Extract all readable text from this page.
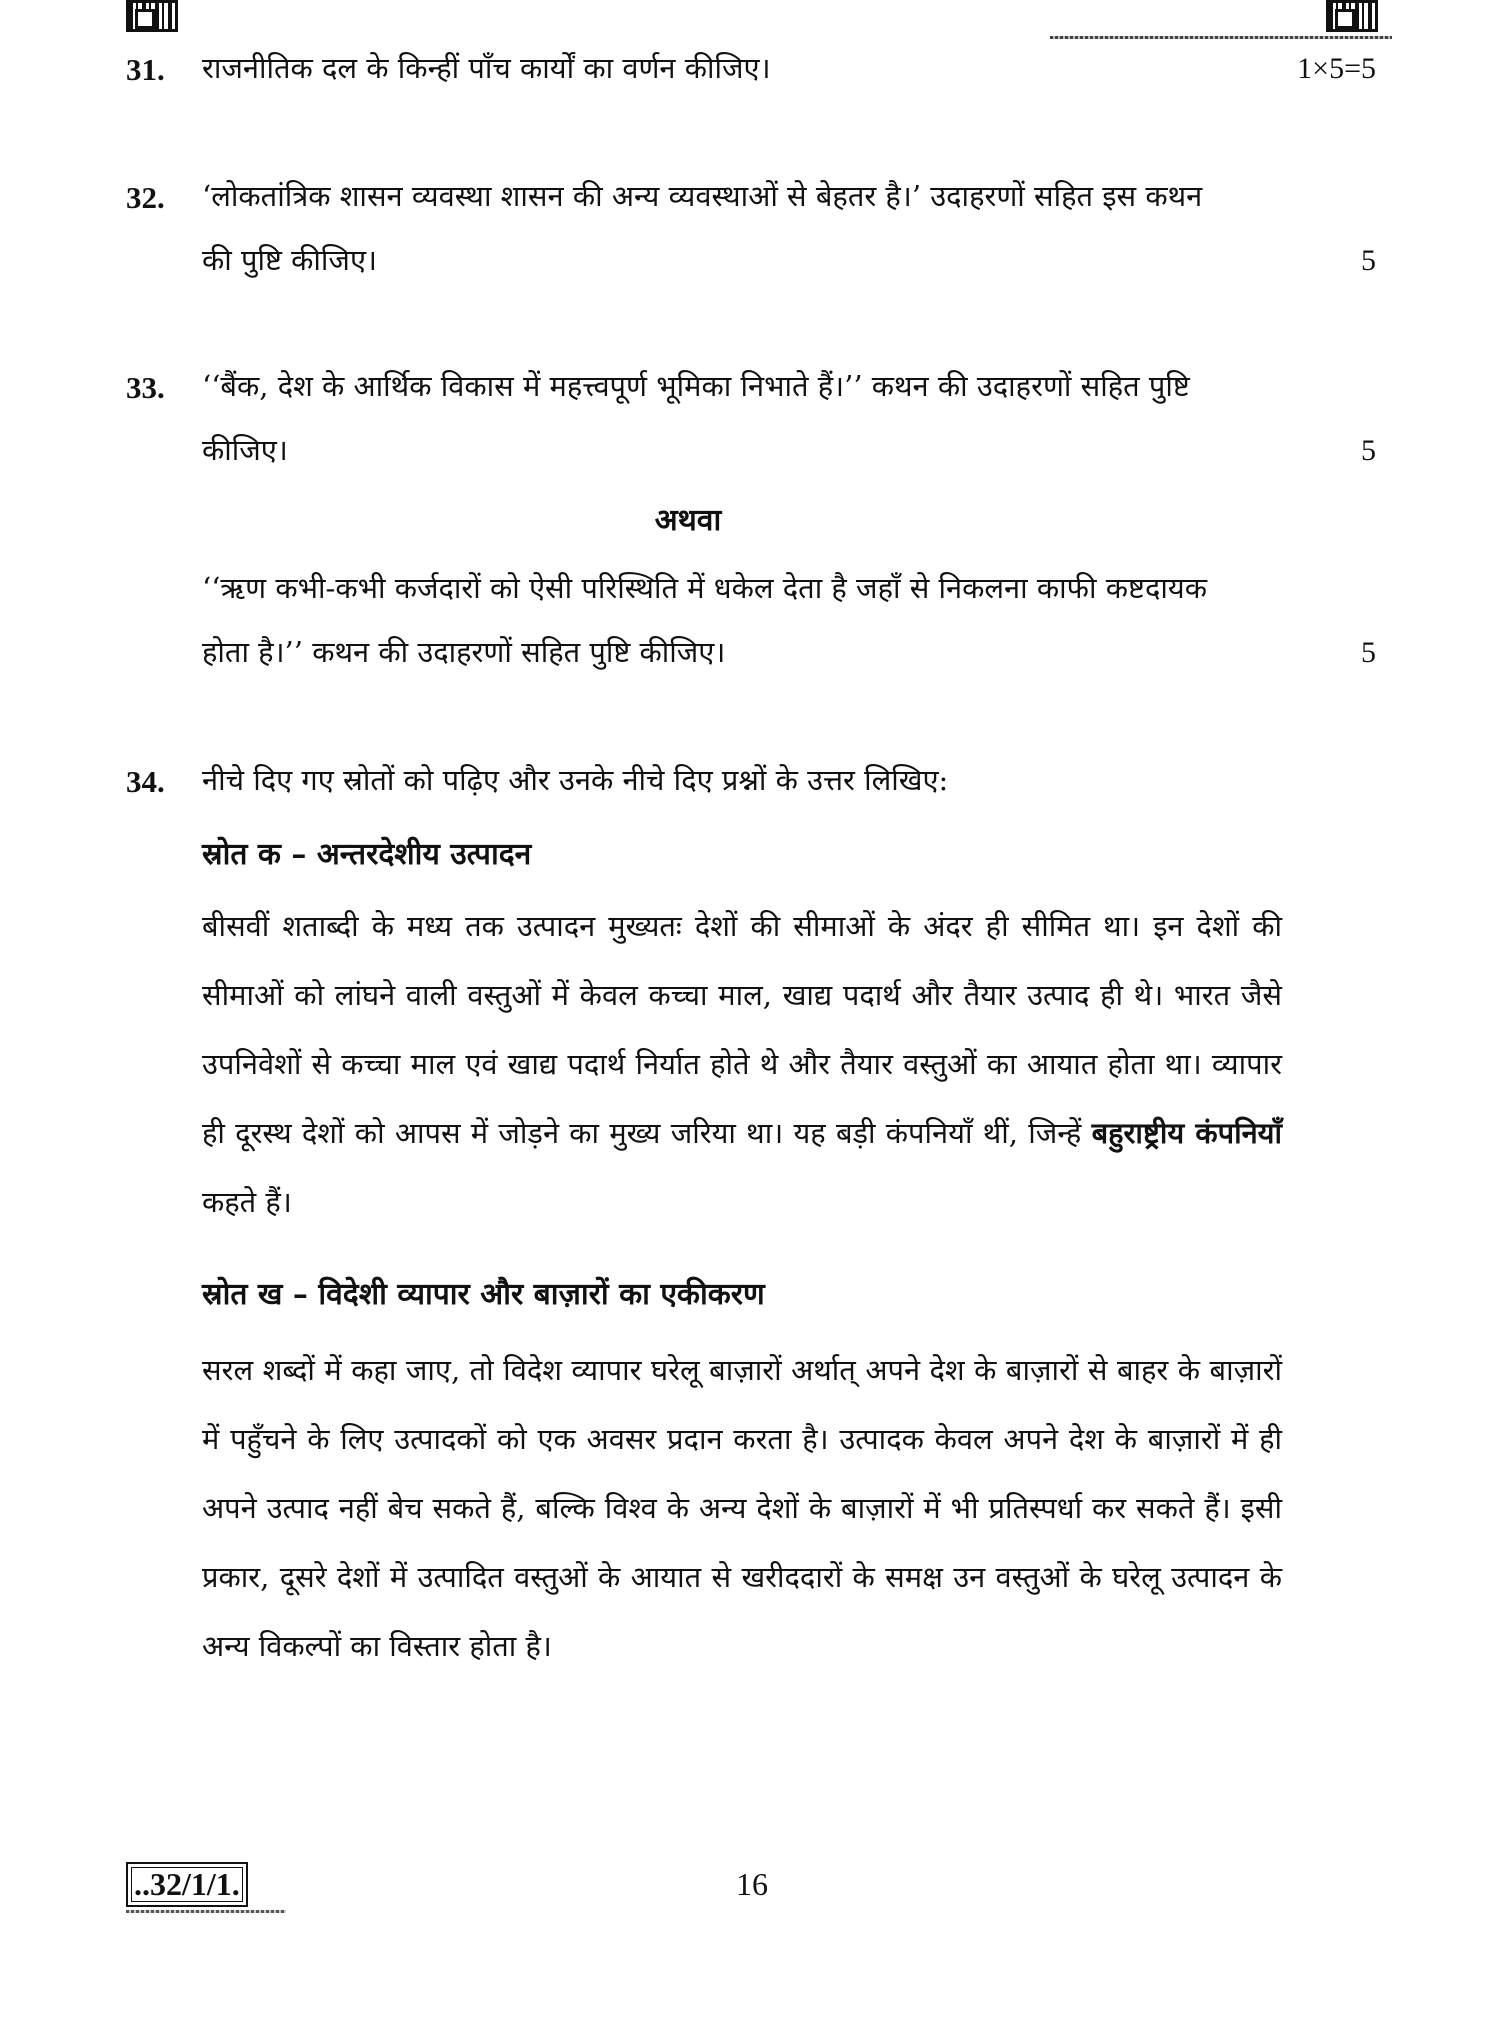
31. राजनीतिक दल के किन्हीं पाँच कार्यों का वर्णन कीजिए।	1×5=5
32. ‘लोकतांत्रिक शासन व्यवस्था शासन की अन्य व्यवस्थाओं से बेहतर है।’ उदाहरणों सहित इस कथन की पुष्टि कीजिए।	5
33. ‘‘बैंक, देश के आर्थिक विकास में महत्त्वपूर्ण भूमिका निभाते हैं।’’ कथन की उदाहरणों सहित पुष्टि कीजिए।	5
अथवा
‘‘ऋण कभी-कभी कर्जदारों को ऐसी परिस्थिति में धकेल देता है जहाँ से निकलना काफी कष्टदायक होता है।’’ कथन की उदाहरणों सहित पुष्टि कीजिए।	5
34. नीचे दिए गए स्रोतों को पढ़िए और उनके नीचे दिए प्रश्नों के उत्तर लिखिए:
स्रोत क – अन्तरदेशीय उत्पादन
बीसवीं शताब्दी के मध्य तक उत्पादन मुख्यतः देशों की सीमाओं के अंदर ही सीमित था। इन देशों की सीमाओं को लांघने वाली वस्तुओं में केवल कच्चा माल, खाद्य पदार्थ और तैयार उत्पाद ही थे। भारत जैसे उपनिवेशों से कच्चा माल एवं खाद्य पदार्थ निर्यात होते थे और तैयार वस्तुओं का आयात होता था। व्यापार ही दूरस्थ देशों को आपस में जोड़ने का मुख्य जरिया था। यह बड़ी कंपनियाँ थीं, जिन्हें बहुराष्ट्रीय कंपनियाँ कहते हैं।
स्रोत ख – विदेशी व्यापार और बाज़ारों का एकीकरण
सरल शब्दों में कहा जाए, तो विदेश व्यापार घरेलू बाज़ारों अर्थात् अपने देश के बाज़ारों से बाहर के बाज़ारों में पहुँचने के लिए उत्पादकों को एक अवसर प्रदान करता है। उत्पादक केवल अपने देश के बाज़ारों में ही अपने उत्पाद नहीं बेच सकते हैं, बल्कि विश्व के अन्य देशों के बाज़ारों में भी प्रतिस्पर्धा कर सकते हैं। इसी प्रकार, दूसरे देशों में उत्पादित वस्तुओं के आयात से खरीददारों के समक्ष उन वस्तुओं के घरेलू उत्पादन के अन्य विकल्पों का विस्तार होता है।
..32/1/1.	16
